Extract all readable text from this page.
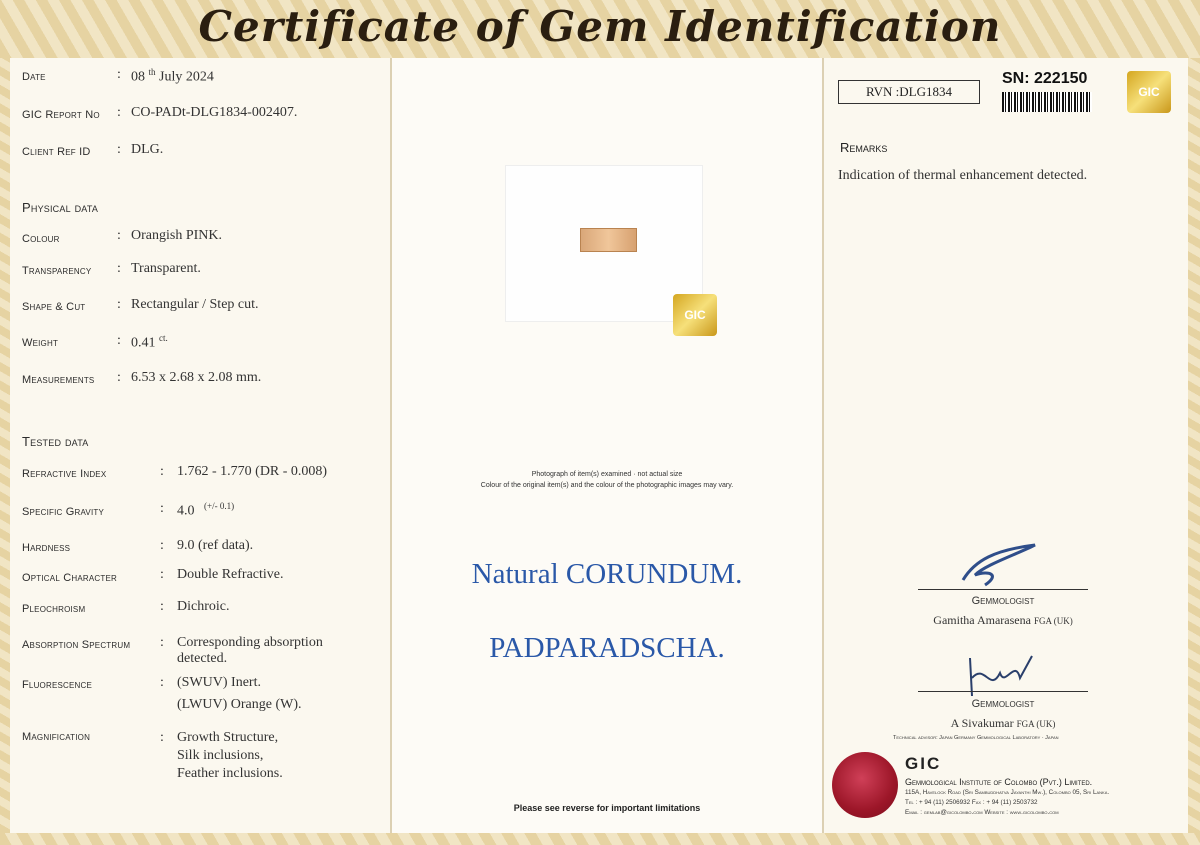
Certificate of Gem Identification
Date	: 08 $^{th}$ July 2024
GIC Report No : CO-PADt-DLG1834-002407.
Client Ref ID : DLG.
Physical data
Colour	: Orangish PINK.
Transparency : Transparent.
Shape & Cut : Rectangular / Step cut.
Weight	: 0.41 $^{ct.}$
Measurements : 6.53 x 2.68 x 2.08 mm.
Tested data
Refractive Index	: 1.762 - 1.770 (DR - 0.008)
Specific Gravity	: 4.0 $^{(+/- 0.1)}$
Hardness	: 9.0 (ref data).
Optical Character	: Double Refractive.
Pleochroism	: Dichroic.
Absorption Spectrum : Corresponding absorption
detected.
Fluorescence	: (SWUV) Inert.
(LWUV) Orange (W).
Magnification	: Growth Structure,
Silk inclusions,
Feather inclusions.
GIC
Photograph of item(s) examined · not actual size
Colour of the original item(s) and the colour of the photographic images may vary.
Natural CORUNDUM.
PADPARADSCHA.
Please see reverse for important limitations
RVN :DLG1834
SN: 222150
GIC
Remarks
Indication of thermal enhancement detected.
Gemmologist
Gamitha Amarasena FGA (UK)
Gemmologist
A Sivakumar FGA (UK)
Technical advisor: Japan Germany Gemmological Laboratory · Japan
GIC
Gemmological Institute of Colombo (Pvt.) Limited.
115A, Havelock Road (Sri Sambuddhatva Jayanthi Mw.), Colombo 05, Sri Lanka.
Tel : + 94 (11) 2506932 Fax : + 94 (11) 2503732
Email : gemlab@gicolombo.com Website : www.gicolombo.com
